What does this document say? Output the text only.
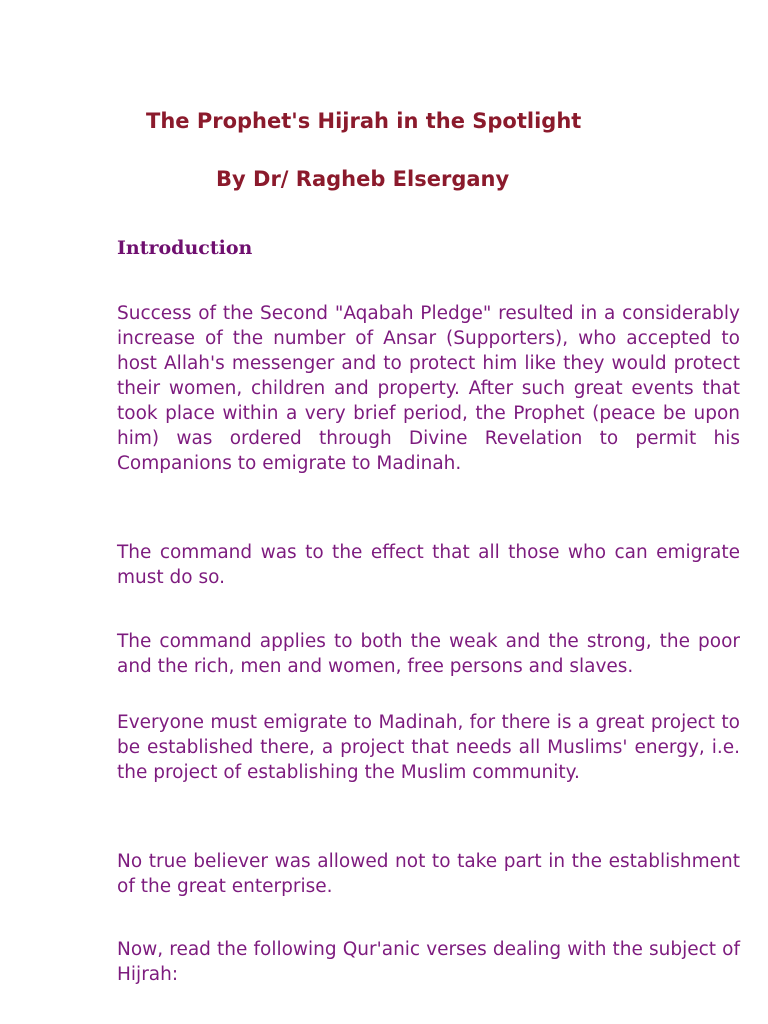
The Prophet's Hijrah in the Spotlight
By Dr/ Ragheb Elsergany
Introduction

Success of the Second "Aqabah Pledge" resulted in a considerably increase of the number of Ansar (Supporters), who accepted to host Allah's messenger and to protect him like they would protect their women, children and property. After such great events that took place within a very brief period, the Prophet (peace be upon him) was ordered through Divine Revelation to permit his Companions to emigrate to Madinah.

The command was to the effect that all those who can emigrate must do so.

The command applies to both the weak and the strong, the poor and the rich, men and women, free persons and slaves.

Everyone must emigrate to Madinah, for there is a great project to be established there, a project that needs all Muslims' energy, i.e. the project of establishing the Muslim community.

No true believer was allowed not to take part in the establishment of the great enterprise.

Now, read the following Qur'anic verses dealing with the subject of Hijrah:
